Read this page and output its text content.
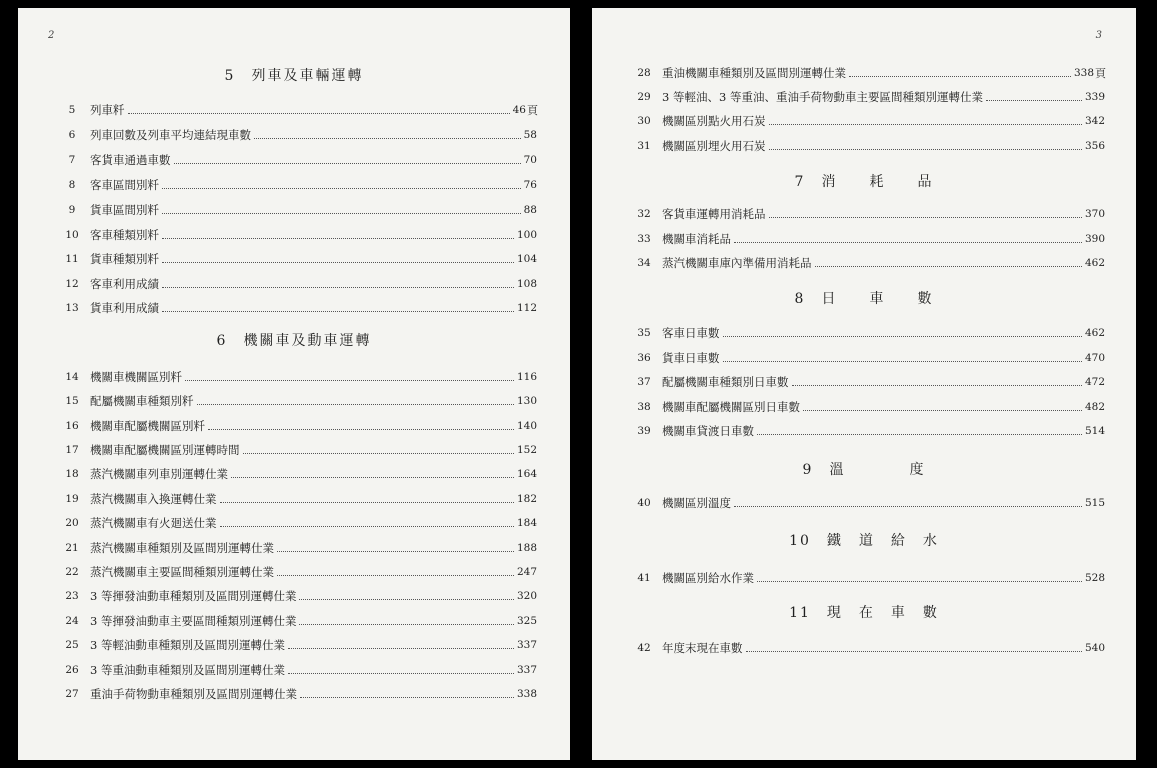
2
5　列車及車輛運轉
5	列車粁	46 頁
6	列車回數及列車平均連結現車數	58
7	客貨車通過車數	70
8	客車區間別粁	76
9	貨車區間別粁	88
10 客車種類別粁	100
11 貨車種類別粁	104
12 客車利用成績	108
13 貨車利用成績	112
6　機關車及動車運轉
14 機關車機關區別粁	116
15 配屬機關車種類別粁	130
16 機關車配屬機關區別粁	140
17 機關車配屬機關區別運轉時間	152
18 蒸汽機關車列車別運轉仕業	164
19 蒸汽機關車入換運轉仕業	182
20 蒸汽機關車有火廻送仕業	184
21 蒸汽機關車種類別及區間別運轉仕業	188
22 蒸汽機關車主要區間種類別運轉仕業	247
23 3 等揮發油動車種類別及區間別運轉仕業	320
24 3 等揮發油動車主要區間種類別運轉仕業	325
25 3 等輕油動車種類別及區間別運轉仕業	337
26 3 等重油動車種類別及區間別運轉仕業	337
27 重油手荷物動車種類別及區間別運轉仕業	338
3
28 重油機關車種類別及區間別運轉仕業	338 頁
29 3 等輕油、3 等重油、重油手荷物動車主要區間種類別運轉仕業	339
30 機關區別點火用石炭	342
31 機關區別埋火用石炭	356
7　消　　耗　　品
32 客貨車運轉用消耗品	370
33 機關車消耗品	390
34 蒸汽機關車庫內準備用消耗品	462
8　日　　車　　數
35 客車日車數	462
36 貨車日車數	470
37 配屬機關車種類別日車數	472
38 機關車配屬機關區別日車數	482
39 機關車貸渡日車數	514
9　溫　　　　度
40 機關區別溫度	515
10　鐵　道　給　水
41 機關區別給水作業	528
11　現　在　車　數
42 年度末現在車數	540
